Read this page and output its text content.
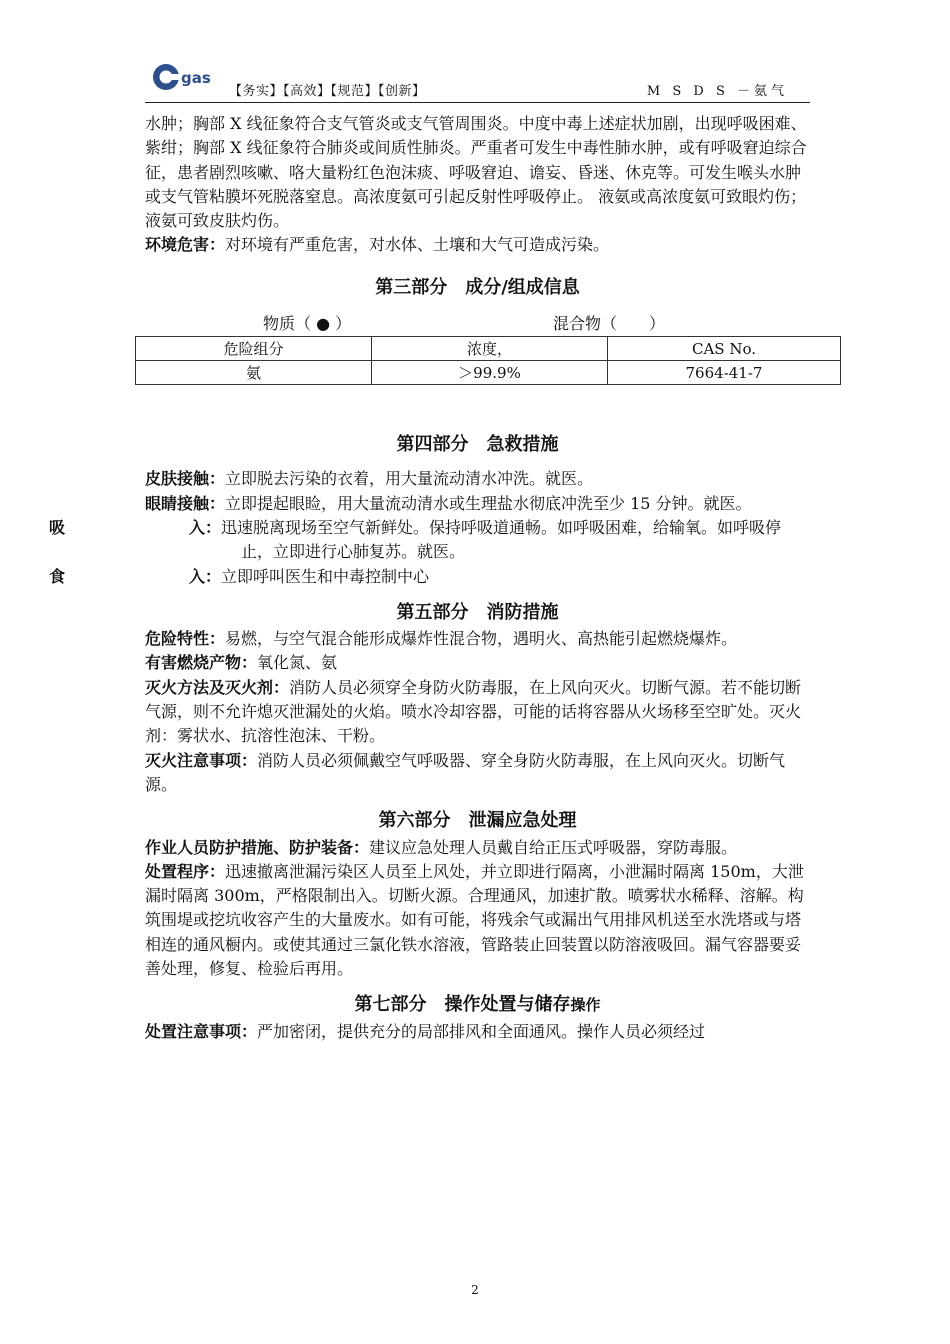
gas
【务实】【高效】【规范】【创新】	M S D S －氨气

水肿；胸部 X 线征象符合支气管炎或支气管周围炎。中度中毒上述症状加剧，出现呼吸困难、紫绀；胸部 X 线征象符合肺炎或间质性肺炎。严重者可发生中毒性肺水肿，或有呼吸窘迫综合征，患者剧烈咳嗽、咯大量粉红色泡沫痰、呼吸窘迫、谵妄、昏迷、休克等。可发生喉头水肿或支气管粘膜坏死脱落窒息。高浓度氨可引起反射性呼吸停止。 液氨或高浓度氨可致眼灼伤；液氨可致皮肤灼伤。

环境危害：对环境有严重危害，对水体、土壤和大气可造成污染。

第三部分　成分/组成信息
物质（ ● ）	混合物（　　）
危险组分	浓度，	CAS No.
氨	＞99.9%	7664-41-7
第四部分　急救措施

皮肤接触：立即脱去污染的衣着，用大量流动清水冲洗。就医。

眼睛接触：立即提起眼睑，用大量流动清水或生理盐水彻底冲洗至少 15 分钟。就医。

吸入：迅速脱离现场至空气新鲜处。保持呼吸道通畅。如呼吸困难，给输氧。如呼吸停止，立即进行心肺复苏。就医。

食入：立即呼叫医生和中毒控制中心

第五部分　消防措施

危险特性：易燃，与空气混合能形成爆炸性混合物，遇明火、高热能引起燃烧爆炸。

有害燃烧产物：氧化氮、氨

灭火方法及灭火剂：消防人员必须穿全身防火防毒服，在上风向灭火。切断气源。若不能切断气源，则不允许熄灭泄漏处的火焰。喷水冷却容器，可能的话将容器从火场移至空旷处。灭火剂：雾状水、抗溶性泡沫、干粉。

灭火注意事项：消防人员必须佩戴空气呼吸器、穿全身防火防毒服，在上风向灭火。切断气源。

第六部分　泄漏应急处理

作业人员防护措施、防护装备：建议应急处理人员戴自给正压式呼吸器，穿防毒服。

处置程序：迅速撤离泄漏污染区人员至上风处，并立即进行隔离，小泄漏时隔离 150m，大泄漏时隔离 300m，严格限制出入。切断火源。合理通风，加速扩散。喷雾状水稀释、溶解。构筑围堤或挖坑收容产生的大量废水。如有可能，将残余气或漏出气用排风机送至水洗塔或与塔相连的通风橱内。或使其通过三氯化铁水溶液，管路装止回装置以防溶液吸回。漏气容器要妥善处理，修复、检验后再用。

第七部分　操作处置与储存操作

处置注意事项：严加密闭，提供充分的局部排风和全面通风。操作人员必须经过

2
